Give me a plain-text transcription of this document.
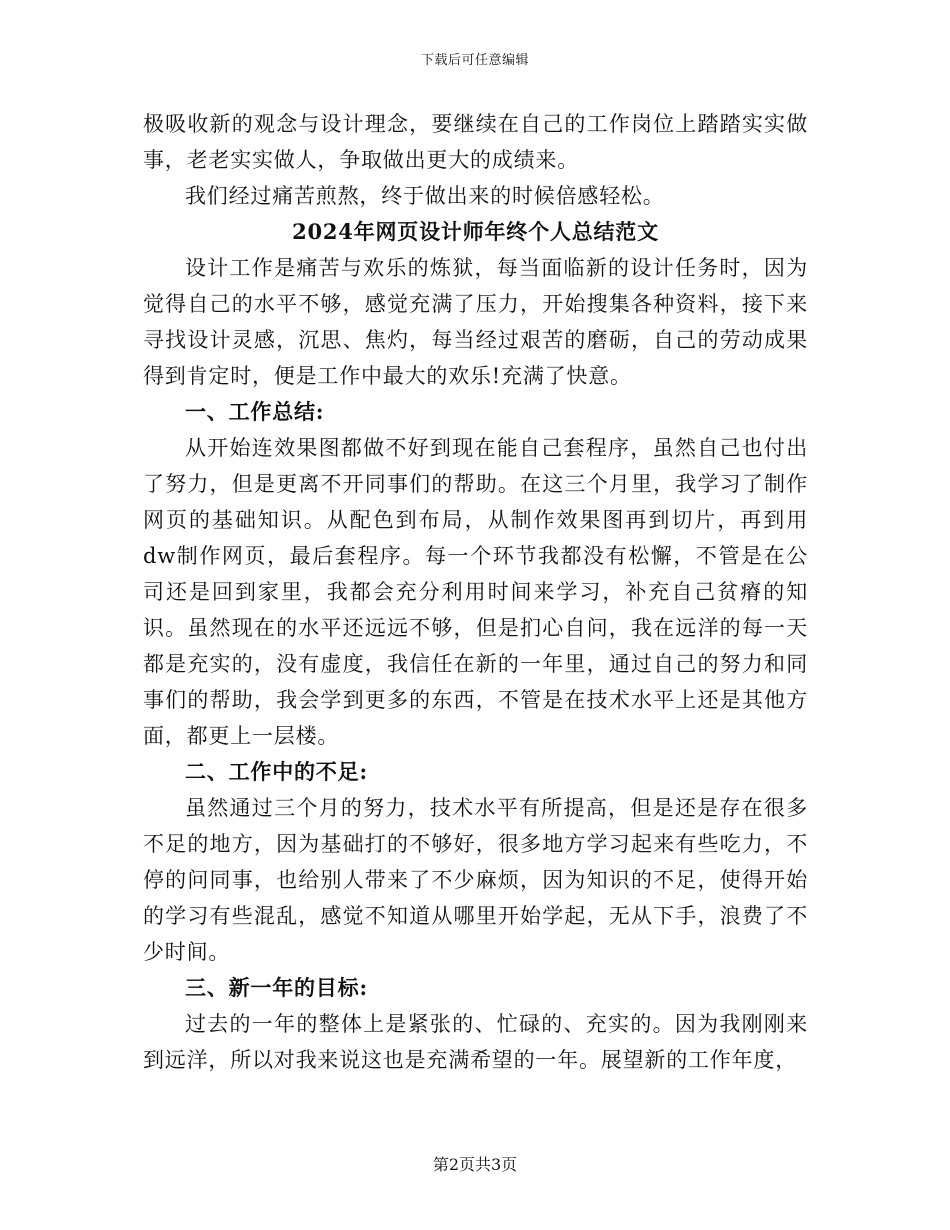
下载后可任意编辑

极吸收新的观念与设计理念，要继续在自己的工作岗位上踏踏实实做事，老老实实做人，争取做出更大的成绩来。

我们经过痛苦煎熬，终于做出来的时候倍感轻松。

2024年网页设计师年终个人总结范文

设计工作是痛苦与欢乐的炼狱，每当面临新的设计任务时，因为觉得自己的水平不够，感觉充满了压力，开始搜集各种资料，接下来寻找设计灵感，沉思、焦灼，每当经过艰苦的磨砺，自己的劳动成果得到肯定时，便是工作中最大的欢乐!充满了快意。

一、工作总结:

从开始连效果图都做不好到现在能自己套程序，虽然自己也付出了努力，但是更离不开同事们的帮助。在这三个月里，我学习了制作网页的基础知识。从配色到布局，从制作效果图再到切片，再到用dw制作网页，最后套程序。每一个环节我都没有松懈，不管是在公司还是回到家里，我都会充分利用时间来学习，补充自己贫瘠的知识。虽然现在的水平还远远不够，但是扪心自问，我在远洋的每一天都是充实的，没有虚度，我信任在新的一年里，通过自己的努力和同事们的帮助，我会学到更多的东西，不管是在技术水平上还是其他方面，都更上一层楼。

二、工作中的不足:

虽然通过三个月的努力，技术水平有所提高，但是还是存在很多不足的地方，因为基础打的不够好，很多地方学习起来有些吃力，不停的问同事，也给别人带来了不少麻烦，因为知识的不足，使得开始的学习有些混乱，感觉不知道从哪里开始学起，无从下手，浪费了不少时间。

三、新一年的目标:

过去的一年的整体上是紧张的、忙碌的、充实的。因为我刚刚来到远洋，所以对我来说这也是充满希望的一年。展望新的工作年度，

第2页共3页
